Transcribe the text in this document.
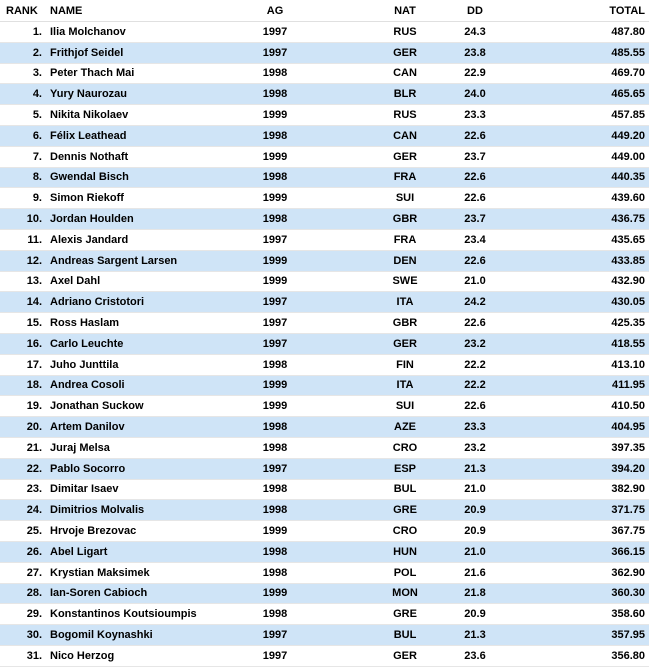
RANK	NAME	AG		NAT	DD	TOTAL
1.	Ilia Molchanov	1997		RUS	24.3	487.80
2.	Frithjof Seidel	1997		GER	23.8	485.55
3.	Peter Thach Mai	1998		CAN	22.9	469.70
4.	Yury Naurozau	1998		BLR	24.0	465.65
5.	Nikita Nikolaev	1999		RUS	23.3	457.85
6.	Félix Leathead	1998		CAN	22.6	449.20
7.	Dennis Nothaft	1999		GER	23.7	449.00
8.	Gwendal Bisch	1998		FRA	22.6	440.35
9.	Simon Riekoff	1999		SUI	22.6	439.60
10.	Jordan Houlden	1998		GBR	23.7	436.75
11.	Alexis Jandard	1997		FRA	23.4	435.65
12.	Andreas Sargent Larsen	1999		DEN	22.6	433.85
13.	Axel Dahl	1999		SWE	21.0	432.90
14.	Adriano Cristotori	1997		ITA	24.2	430.05
15.	Ross Haslam	1997		GBR	22.6	425.35
16.	Carlo Leuchte	1997		GER	23.2	418.55
17.	Juho Junttila	1998		FIN	22.2	413.10
18.	Andrea Cosoli	1999		ITA	22.2	411.95
19.	Jonathan Suckow	1999		SUI	22.6	410.50
20.	Artem Danilov	1998		AZE	23.3	404.95
21.	Juraj Melsa	1998		CRO	23.2	397.35
22.	Pablo Socorro	1997		ESP	21.3	394.20
23.	Dimitar Isaev	1998		BUL	21.0	382.90
24.	Dimitrios Molvalis	1998		GRE	20.9	371.75
25.	Hrvoje Brezovac	1999		CRO	20.9	367.75
26.	Abel Ligart	1998		HUN	21.0	366.15
27.	Krystian Maksimek	1998		POL	21.6	362.90
28.	Ian-Soren Cabioch	1999		MON	21.8	360.30
29.	Konstantinos Koutsioumpis	1998		GRE	20.9	358.60
30.	Bogomil Koynashki	1997		BUL	21.3	357.95
31.	Nico Herzog	1997		GER	23.6	356.80
